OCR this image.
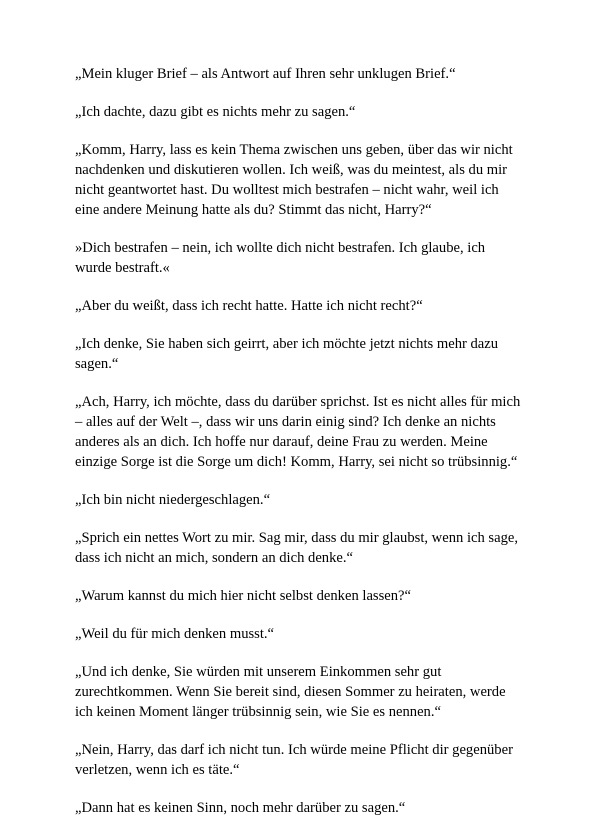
„Mein kluger Brief – als Antwort auf Ihren sehr unklugen Brief.“

„Ich dachte, dazu gibt es nichts mehr zu sagen.“

„Komm, Harry, lass es kein Thema zwischen uns geben, über das wir nicht
nachdenken und diskutieren wollen. Ich weiß, was du meintest, als du mir
nicht geantwortet hast. Du wolltest mich bestrafen – nicht wahr, weil ich
eine andere Meinung hatte als du? Stimmt das nicht, Harry?“

»Dich bestrafen – nein, ich wollte dich nicht bestrafen. Ich glaube, ich
wurde bestraft.«

„Aber du weißt, dass ich recht hatte. Hatte ich nicht recht?“

„Ich denke, Sie haben sich geirrt, aber ich möchte jetzt nichts mehr dazu
sagen.“

„Ach, Harry, ich möchte, dass du darüber sprichst. Ist es nicht alles für mich
– alles auf der Welt –, dass wir uns darin einig sind? Ich denke an nichts
anderes als an dich. Ich hoffe nur darauf, deine Frau zu werden. Meine
einzige Sorge ist die Sorge um dich! Komm, Harry, sei nicht so trübsinnig.“

„Ich bin nicht niedergeschlagen.“

„Sprich ein nettes Wort zu mir. Sag mir, dass du mir glaubst, wenn ich sage,
dass ich nicht an mich, sondern an dich denke.“

„Warum kannst du mich hier nicht selbst denken lassen?“

„Weil du für mich denken musst.“

„Und ich denke, Sie würden mit unserem Einkommen sehr gut
zurechtkommen. Wenn Sie bereit sind, diesen Sommer zu heiraten, werde
ich keinen Moment länger trübsinnig sein, wie Sie es nennen.“

„Nein, Harry, das darf ich nicht tun. Ich würde meine Pflicht dir gegenüber
verletzen, wenn ich es täte.“

„Dann hat es keinen Sinn, noch mehr darüber zu sagen.“
